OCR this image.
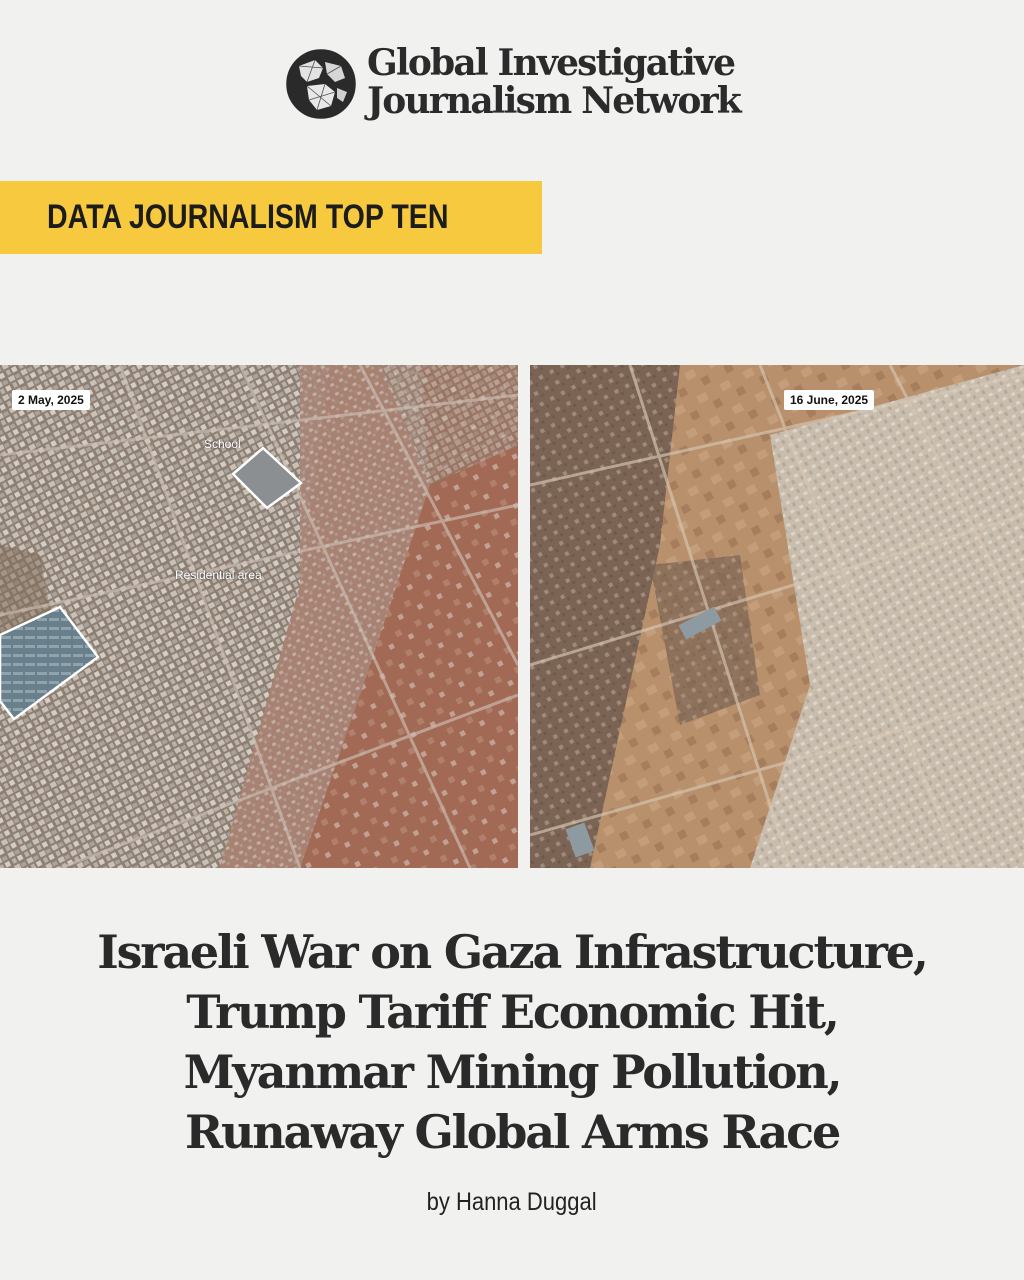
Global Investigative
Journalism Network
DATA JOURNALISM TOP TEN
2 May, 2025
School
Residential area
16 June, 2025
Israeli War on Gaza Infrastructure,
Trump Tariff Economic Hit,
Myanmar Mining Pollution,
Runaway Global Arms Race
by Hanna Duggal
